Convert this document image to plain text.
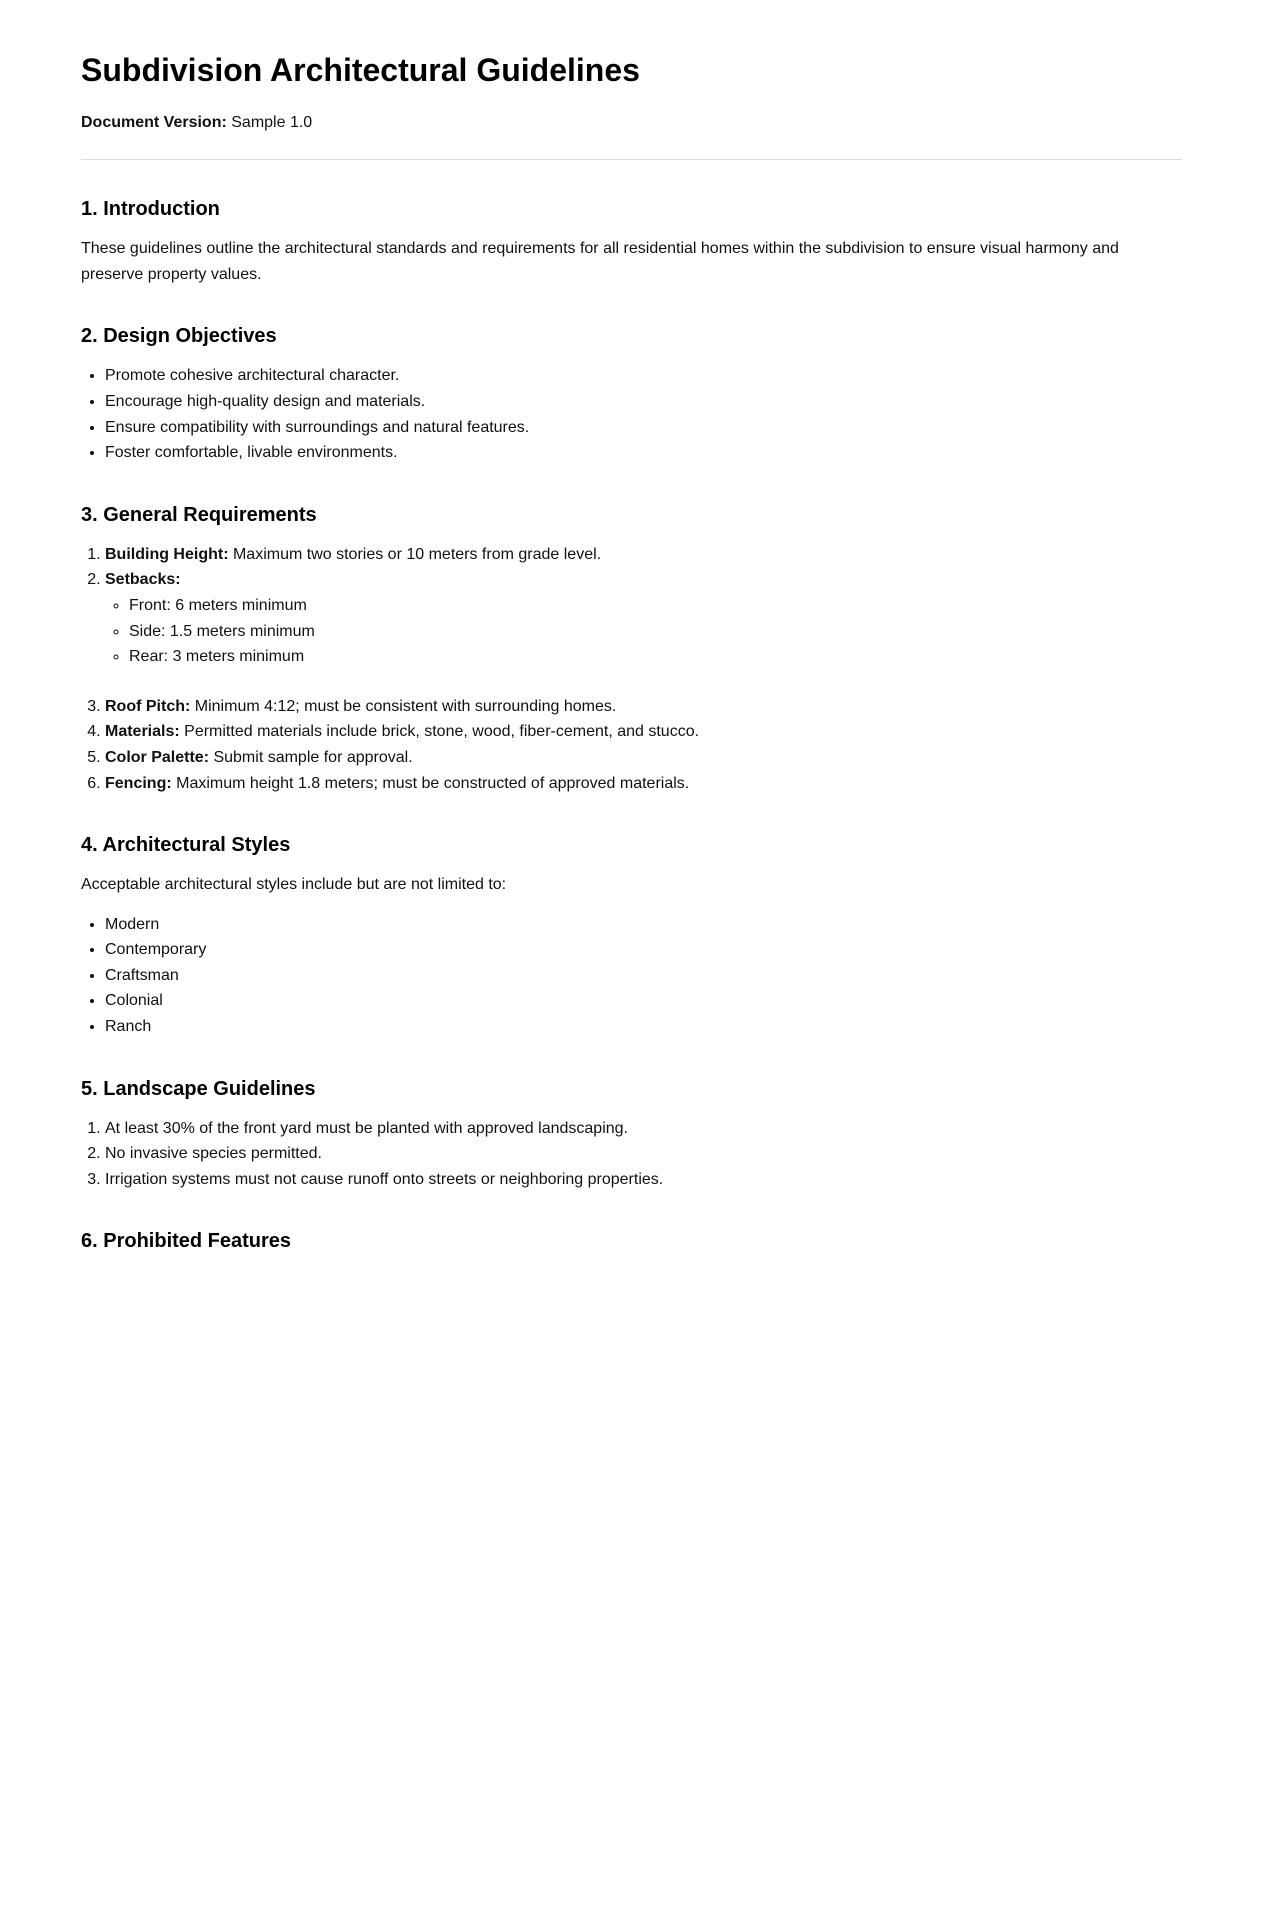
Subdivision Architectural Guidelines

Document Version: Sample 1.0

1. Introduction

These guidelines outline the architectural standards and requirements for all residential homes within the subdivision to ensure visual harmony and preserve property values.

2. Design Objectives
• Promote cohesive architectural character.
• Encourage high-quality design and materials.
• Ensure compatibility with surroundings and natural features.
• Foster comfortable, livable environments.
3. General Requirements
1. Building Height: Maximum two stories or 10 meters from grade level.
2. Setbacks:
◦ Front: 6 meters minimum
◦ Side: 1.5 meters minimum
◦ Rear: 3 meters minimum
3. Roof Pitch: Minimum 4:12; must be consistent with surrounding homes.
4. Materials: Permitted materials include brick, stone, wood, fiber-cement, and stucco.
5. Color Palette: Submit sample for approval.
6. Fencing: Maximum height 1.8 meters; must be constructed of approved materials.
4. Architectural Styles

Acceptable architectural styles include but are not limited to:

• Modern
• Contemporary
• Craftsman
• Colonial
• Ranch
5. Landscape Guidelines
1. At least 30% of the front yard must be planted with approved landscaping.
2. No invasive species permitted.
3. Irrigation systems must not cause runoff onto streets or neighboring properties.
6. Prohibited Features
